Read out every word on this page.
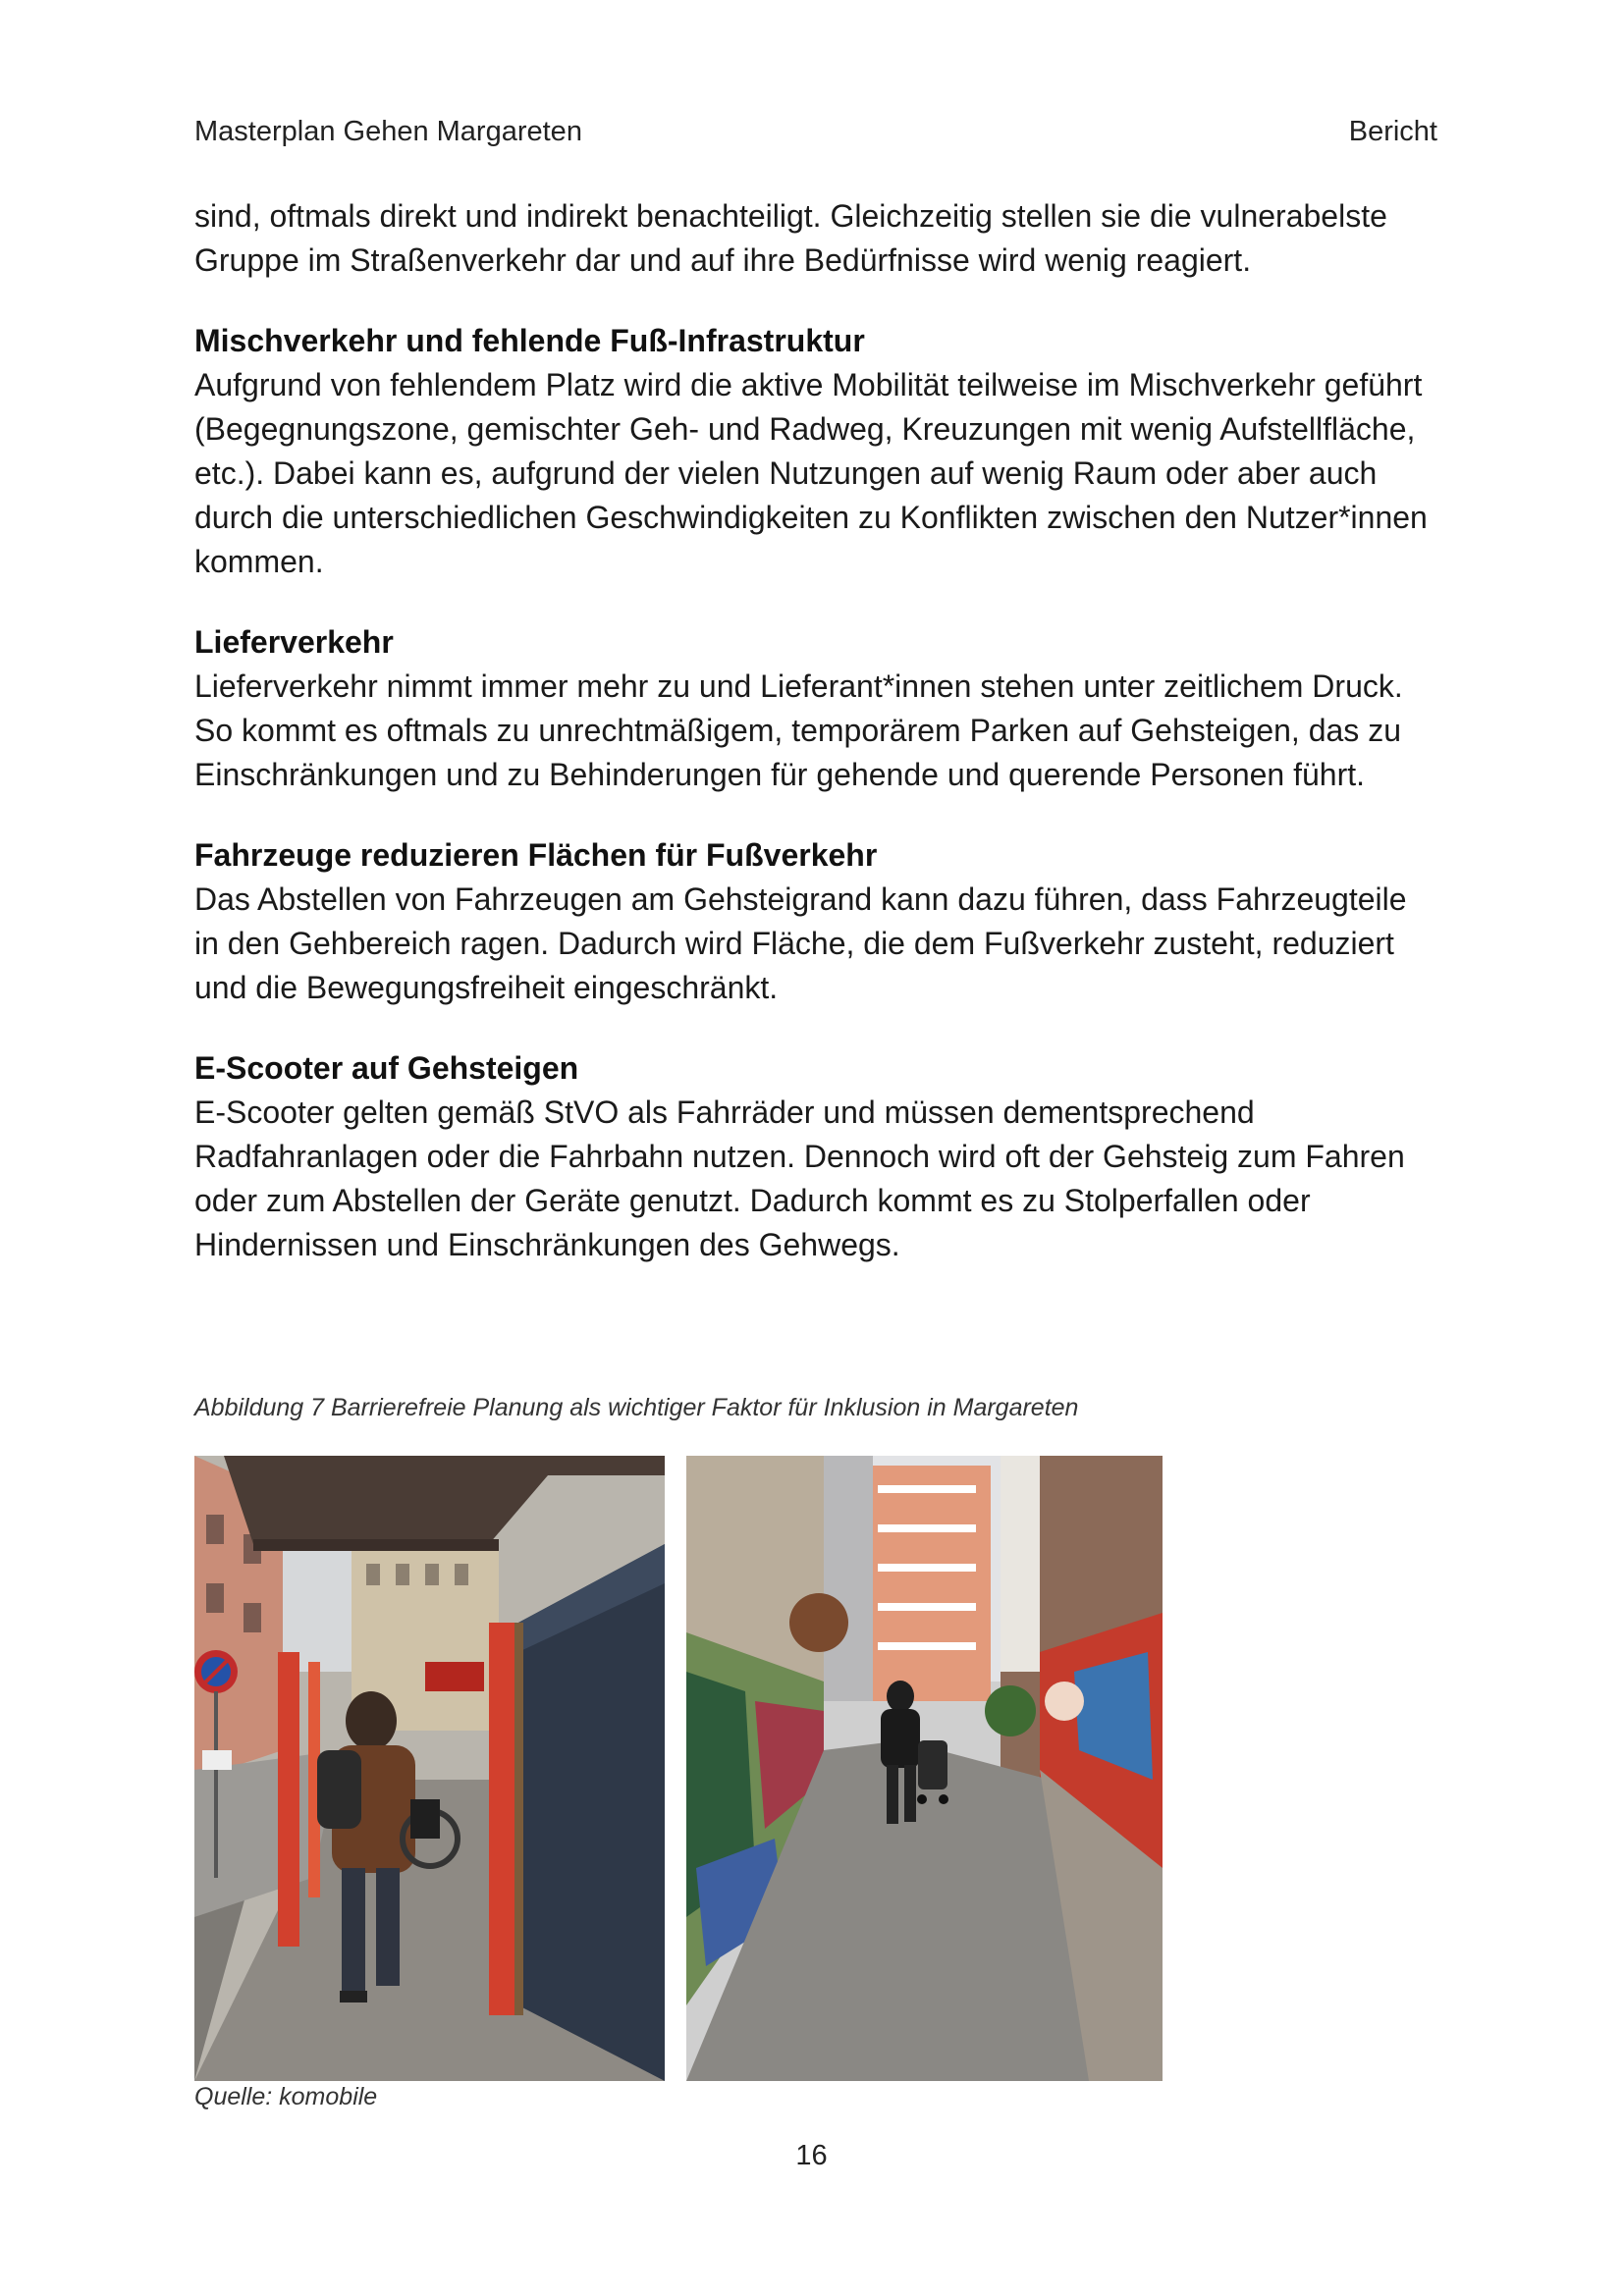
Masterplan Gehen Margareten	Bericht

sind, oftmals direkt und indirekt benachteiligt. Gleichzeitig stellen sie die vulnerabelste Gruppe im Straßenverkehr dar und auf ihre Bedürfnisse wird wenig reagiert.

Mischverkehr und fehlende Fuß-Infrastruktur

Aufgrund von fehlendem Platz wird die aktive Mobilität teilweise im Mischverkehr geführt (Begegnungszone, gemischter Geh- und Radweg, Kreuzungen mit wenig Aufstellfläche, etc.). Dabei kann es, aufgrund der vielen Nutzungen auf wenig Raum oder aber auch durch die unterschiedlichen Geschwindigkeiten zu Konflikten zwischen den Nutzer*innen kommen.

Lieferverkehr

Lieferverkehr nimmt immer mehr zu und Lieferant*innen stehen unter zeitlichem Druck. So kommt es oftmals zu unrechtmäßigem, temporärem Parken auf Gehsteigen, das zu Einschränkungen und zu Behinderungen für gehende und querende Personen führt.

Fahrzeuge reduzieren Flächen für Fußverkehr

Das Abstellen von Fahrzeugen am Gehsteigrand kann dazu führen, dass Fahrzeugteile in den Gehbereich ragen. Dadurch wird Fläche, die dem Fußverkehr zusteht, reduziert und die Bewegungsfreiheit eingeschränkt.

E-Scooter auf Gehsteigen

E-Scooter gelten gemäß StVO als Fahrräder und müssen dementsprechend Radfahranlagen oder die Fahrbahn nutzen. Dennoch wird oft der Gehsteig zum Fahren oder zum Abstellen der Geräte genutzt. Dadurch kommt es zu Stolperfallen oder Hindernissen und Einschränkungen des Gehwegs.

Abbildung 7 Barrierefreie Planung als wichtiger Faktor für Inklusion in Margareten
Quelle: komobile
16
